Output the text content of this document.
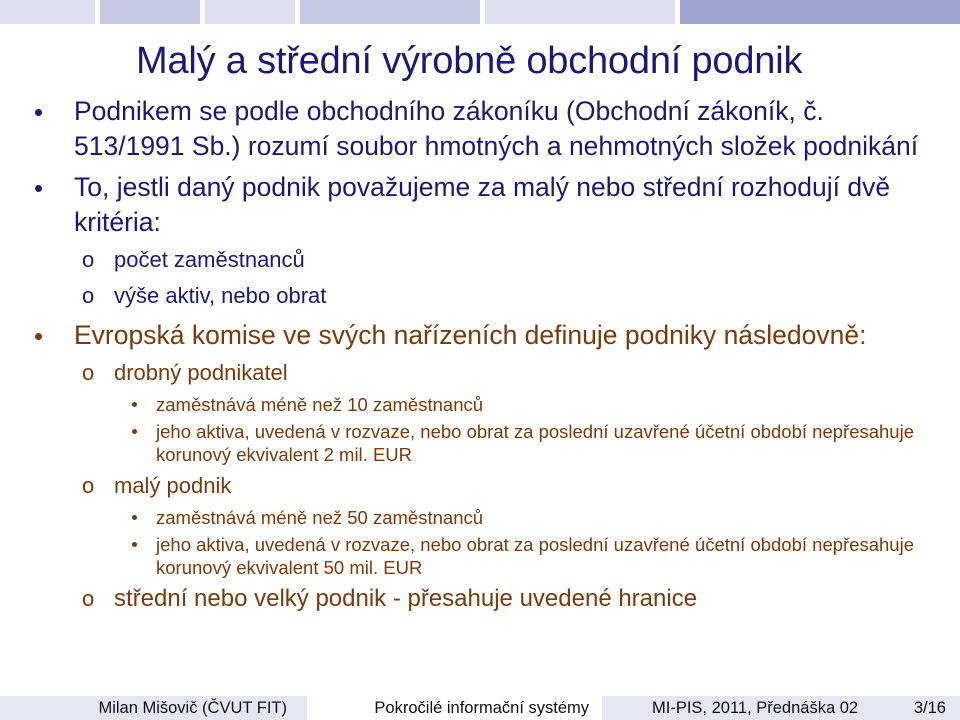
Malý a střední výrobně obchodní podnik
Podnikem se podle obchodního zákoníku (Obchodní zákoník, č. 513/1991 Sb.) rozumí soubor hmotných a nehmotných složek podnikání
To, jestli daný podnik považujeme za malý nebo střední rozhodují dvě kritéria:
o počet zaměstnanců
o výše aktiv, nebo obrat
Evropská komise ve svých nařízeních definuje podniky následovně:
o drobný podnikatel
zaměstnává méně než 10 zaměstnanců
jeho aktiva, uvedená v rozvaze, nebo obrat za poslední uzavřené účetní období nepřesahuje korunový ekvivalent 2 mil. EUR
o malý podnik
zaměstnává méně než 50 zaměstnanců
jeho aktiva, uvedená v rozvaze, nebo obrat za poslední uzavřené účetní období nepřesahuje korunový ekvivalent 50 mil. EUR
o střední nebo velký podnik - přesahuje uvedené hranice
Milan Mišovič (ČVUT FIT)	Pokročilé informační systémy	MI-PIS, 2011, Přednáška 02	3/16
